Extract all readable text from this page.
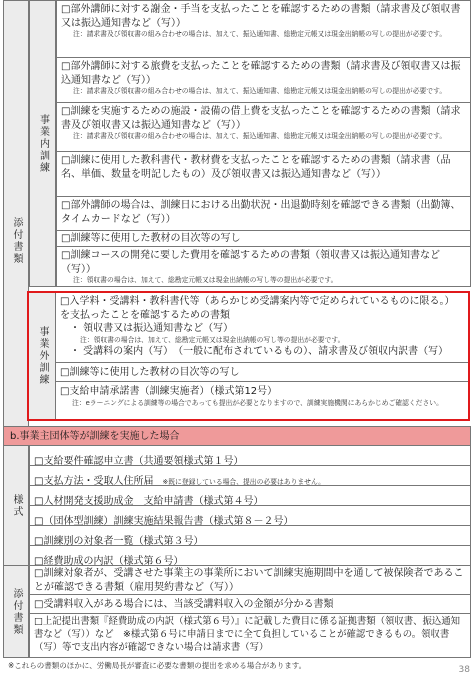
添付書類
事業内訓練
□部外講師に対する謝金・手当を支払ったことを確認するための書類（請求書及び領収書又は振込通知書など（写））
注：請求書及び領収書の組み合わせの場合は、加えて、振込通知書、総勘定元帳又は現金出納帳の写しの提出が必要です。
□部外講師に対する旅費を支払ったことを確認するための書類（請求書及び領収書又は振込通知書など（写））
注：請求書及び領収書の組み合わせの場合は、加えて、振込通知書、総勘定元帳又は現金出納帳の写しの提出が必要です。
□訓練を実施するための施設・設備の借上費を支払ったことを確認するための書類（請求書及び領収書又は振込通知書など（写））
注：請求書及び領収書の組み合わせの場合は、加えて、振込通知書、総勘定元帳又は現金出納帳の写しの提出が必要です。
□訓練に使用した教科書代・教材費を支払ったことを確認するための書類（請求書（品名、単価、数量を明記したもの）及び領収書又は振込通知書など（写））
□部外講師の場合は、訓練日における出勤状況・出退勤時刻を確認できる書類（出勤簿、タイムカードなど（写））
□訓練等に使用した教材の目次等の写し
□訓練コースの開発に要した費用を確認するための書類（領収書又は振込通知書など（写））
注：領収書の場合は、加えて、総勘定元帳又は現金出納帳の写し等の提出が必要です。
事業外訓練
□入学料・受講料・教科書代等（あらかじめ受講案内等で定められているものに限る。）を支払ったことを確認するための書類
・ 領収書又は振込通知書など（写）
注：領収書の場合は、加えて、総勘定元帳又は現金出納帳の写し等の提出が必要です。
・ 受講料の案内（写）　（一般に配布されているもの）、請求書及び領収内訳書（写）
□訓練等に使用した教材の目次等の写し
□支給申請承諾書（訓練実施者）（様式第12号）
注：eラーニングによる訓練等の場合であっても提出が必要となりますので、訓練実施機関にあらかじめご確認ください。
b.事業主団体等が訓練を実施した場合
様式
□支給要件確認申立書（共通要領様式第１号）
□支払方法・受取人住所届 ※既に登録している場合、提出の必要はありません。
□人材開発支援助成金　支給申請書（様式第４号）
□（団体型訓練）訓練実施結果報告書（様式第８－２号）
□訓練別の対象者一覧（様式第３号）
□経費助成の内訳（様式第６号）
添付書類
□訓練対象者が、受講させた事業主の事業所において訓練実施期間中を通して被保険者であることが確認できる書類（雇用契約書など（写））
□受講料収入がある場合には、当該受講料収入の金額が分かる書類
□上記提出書類『経費助成の内訳（様式第６号）』に記載した費目に係る証拠書類（領収書、振込通知書など（写））など　※様式第６号に申請日までに全て負担していることが確認できるもの。領収書（写）等で支出内容が確認できない場合は請求書（写）
※これらの書類のほかに、労働局長が審査に必要な書類の提出を求める場合があります。	38
